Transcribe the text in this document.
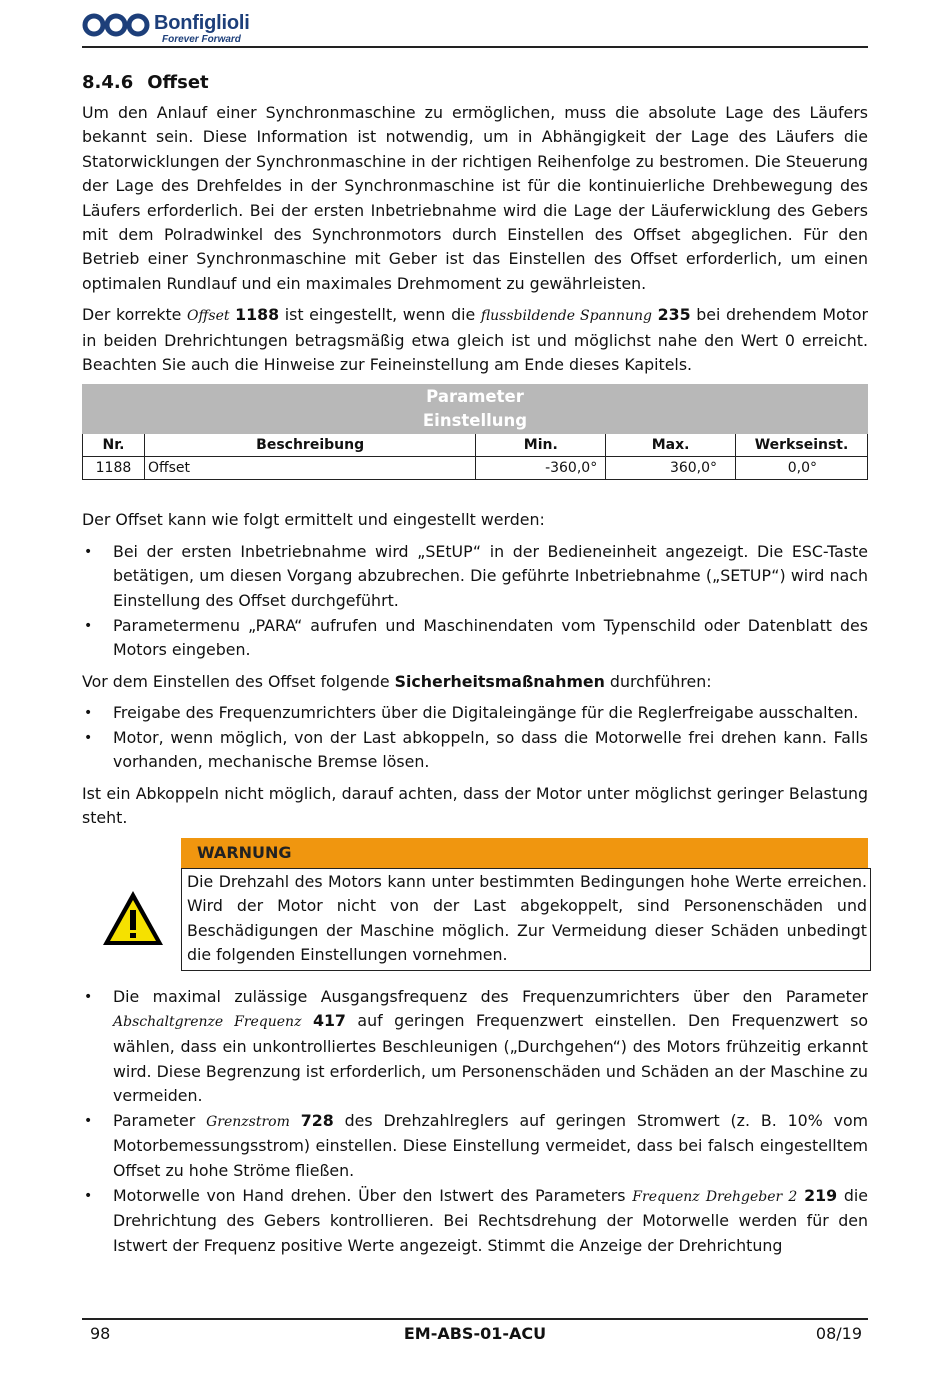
Bonfiglioli
Forever Forward
8.4.6 Offset

Um den Anlauf einer Synchronmaschine zu ermöglichen, muss die absolute Lage des Läufers bekannt sein. Diese Information ist notwendig, um in Abhängigkeit der Lage des Läufers die Statorwicklungen der Synchronmaschine in der richtigen Reihenfolge zu bestromen. Die Steuerung der Lage des Drehfeldes in der Synchronmaschine ist für die kontinuierliche Drehbewegung des Läufers erforderlich. Bei der ersten Inbetriebnahme wird die Lage der Läuferwicklung des Gebers mit dem Polradwinkel des Synchronmotors durch Einstellen des Offset abgeglichen. Für den Betrieb einer Synchronmaschine mit Geber ist das Einstellen des Offset erforderlich, um einen optimalen Rundlauf und ein maximales Drehmoment zu gewährleisten.

Der korrekte Offset 1188 ist eingestellt, wenn die flussbildende Spannung 235 bei drehendem Motor in beiden Drehrichtungen betragsmäßig etwa gleich ist und möglichst nahe den Wert 0 erreicht. Beachten Sie auch die Hinweise zur Feineinstellung am Ende dieses Kapitels.

Parameter
Einstellung				
Nr.	Beschreibung	Min.	Max.	Werkseinst.
1188	Offset	-360,0°	360,0°	0,0°

Der Offset kann wie folgt ermittelt und eingestellt werden:

• Bei der ersten Inbetriebnahme wird „SEtUP“ in der Bedieneinheit angezeigt. Die ESC-Taste betätigen, um diesen Vorgang abzubrechen. Die geführte Inbetriebnahme („SETUP“) wird nach Einstellung des Offset durchgeführt.
• Parametermenu „PARA“ aufrufen und Maschinendaten vom Typenschild oder Datenblatt des Motors eingeben.

Vor dem Einstellen des Offset folgende Sicherheitsmaßnahmen durchführen:

• Freigabe des Frequenzumrichters über die Digitaleingänge für die Reglerfreigabe ausschalten.
• Motor, wenn möglich, von der Last abkoppeln, so dass die Motorwelle frei drehen kann. Falls vorhanden, mechanische Bremse lösen.

Ist ein Abkoppeln nicht möglich, darauf achten, dass der Motor unter möglichst geringer Belastung steht.

WARNUNG
Die Drehzahl des Motors kann unter bestimmten Bedingungen hohe Werte erreichen. Wird der Motor nicht von der Last abgekoppelt, sind Personenschäden und Beschädigungen der Maschine möglich. Zur Vermeidung dieser Schäden unbedingt die folgenden Einstellungen vornehmen.
• Die maximal zulässige Ausgangsfrequenz des Frequenzumrichters über den Parameter Abschaltgrenze Frequenz 417 auf geringen Frequenzwert einstellen. Den Frequenzwert so wählen, dass ein unkontrolliertes Beschleunigen („Durchgehen“) des Motors frühzeitig erkannt wird. Diese Begrenzung ist erforderlich, um Personenschäden und Schäden an der Maschine zu vermeiden.
• Parameter Grenzstrom 728 des Drehzahlreglers auf geringen Stromwert (z. B. 10% vom Motorbemessungsstrom) einstellen. Diese Einstellung vermeidet, dass bei falsch eingestelltem Offset zu hohe Ströme fließen.
• Motorwelle von Hand drehen. Über den Istwert des Parameters Frequenz Drehgeber 2 219 die Drehrichtung des Gebers kontrollieren. Bei Rechtsdrehung der Motorwelle werden für den Istwert der Frequenz positive Werte angezeigt. Stimmt die Anzeige der Drehrichtung
EM-ABS-01-ACU
98	08/19
